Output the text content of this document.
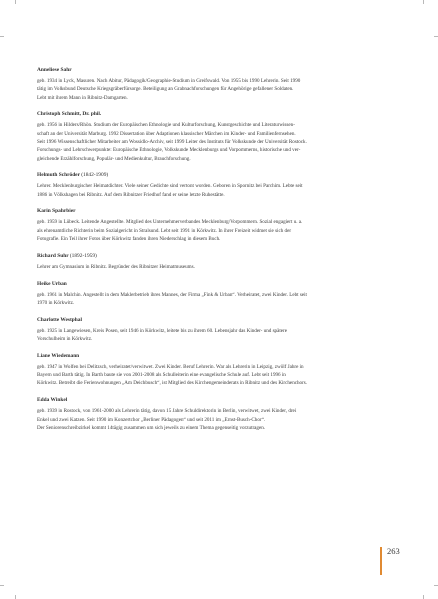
Anneliese Sahr
geb. 1934 in Lyck, Masuren. Nach Abitur, Pädagogik/Geographie-Studium in Greifswald. Von 1955 bis 1990 Lehrerin. Seit 1990
tätig im Volksbund Deutsche Kriegsgräberfürsorge. Beteiligung an Grabnachforschungen für Angehörige gefallener Soldaten.
Lebt mit ihrem Mann in Ribnitz-Damgarten.
Christoph Schmitt, Dr. phil.
geb. 1956 in Hilders/Rhön. Studium der Europäischen Ethnologie und Kulturforschung, Kunstgeschichte und Literaturwissen-
schaft an der Universität Marburg. 1992 Dissertation über Adaptionen klassischer Märchen im Kinder- und Familienfernsehen.
Seit 1996 Wissenschaftlicher Mitarbeiter am Wossidlo-Archiv, seit 1999 Leiter des Instituts für Volkskunde der Universität Rostock.
Forschungs- und Lehrschwerpunkte: Europäische Ethnologie, Volkskunde Mecklenburgs und Vorpommerns, historische und ver-
gleichende Erzählforschung, Populär- und Medienkultur, Brauchforschung.
Helmuth Schröder (1842-1909)
Lehrer. Mecklenburgischer Heimatdichter. Viele seiner Gedichte sind vertont worden. Geboren in Spornitz bei Parchim. Lebte seit
1886 in Völkshagen bei Ribnitz. Auf dem Ribnitzer Friedhof fand er seine letzte Ruhestätte.
Karin Spahrbier
geb. 1959 in Lübeck. Leitende Angestellte. Mitglied des Unternehmerverbandes Mecklenburg/Vorpommern. Sozial engagiert u. a.
als ehrenamtliche Richterin beim Sozialgericht in Stralsund. Lebt seit 1991 in Körkwitz. In ihrer Freizeit widmet sie sich der
Fotografie. Ein Teil ihrer Fotos über Körkwitz fanden ihren Niederschlag in diesem Buch.
Richard Suhr (1892-1959)
Lehrer am Gymnasium in Ribnitz. Begründer des Ribnitzer Heimatmuseums.
Heike Urban
geb. 1961 in Malchin. Angestellt in dem Maklerbetrieb ihres Mannes, der Firma „Fink & Urban“. Verheiratet, zwei Kinder. Lebt seit
1970 in Körkwitz.
Charlotte Westphal
geb. 1925 in Langewiesen, Kreis Posen, seit 1946 in Körkwitz, leitete bis zu ihrem 60. Lebensjahr das Kinder- und spätere
Vorschulheim in Körkwitz.
Liane Wiedemann
geb. 1947 in Wolfen bei Delitzsch, verheiratet/verwitwet. Zwei Kinder. Beruf Lehrerin. War als Lehrerin in Leipzig, zwölf Jahre in
Bayern und Barth tätig. In Barth baute sie von 2001-2008 als Schulleiterin eine evangelische Schule auf. Lebt seit 1996 in
Körkwitz. Betreibt die Ferienwohnungen „Am Deichbusch“, ist Mitglied des Kirchengemeinderats in Ribnitz und des Kirchenchors.
Edda Winkel
geb. 1939 in Rostock, von 1961-2000 als Lehrerin tätig, davon 15 Jahre Schuldirektorin in Berlin, verwitwet, zwei Kinder, drei
Enkel und zwei Katzen. Seit 1990 im Konzertchor „Berliner Pädagogen“ und seit 2011 im „Ernst-Busch-Chor“.
Der Seniorenschreibzirkel kommt 14tägig zusammen um sich jeweils zu einem Thema gegenseitig vorzutragen.
263
